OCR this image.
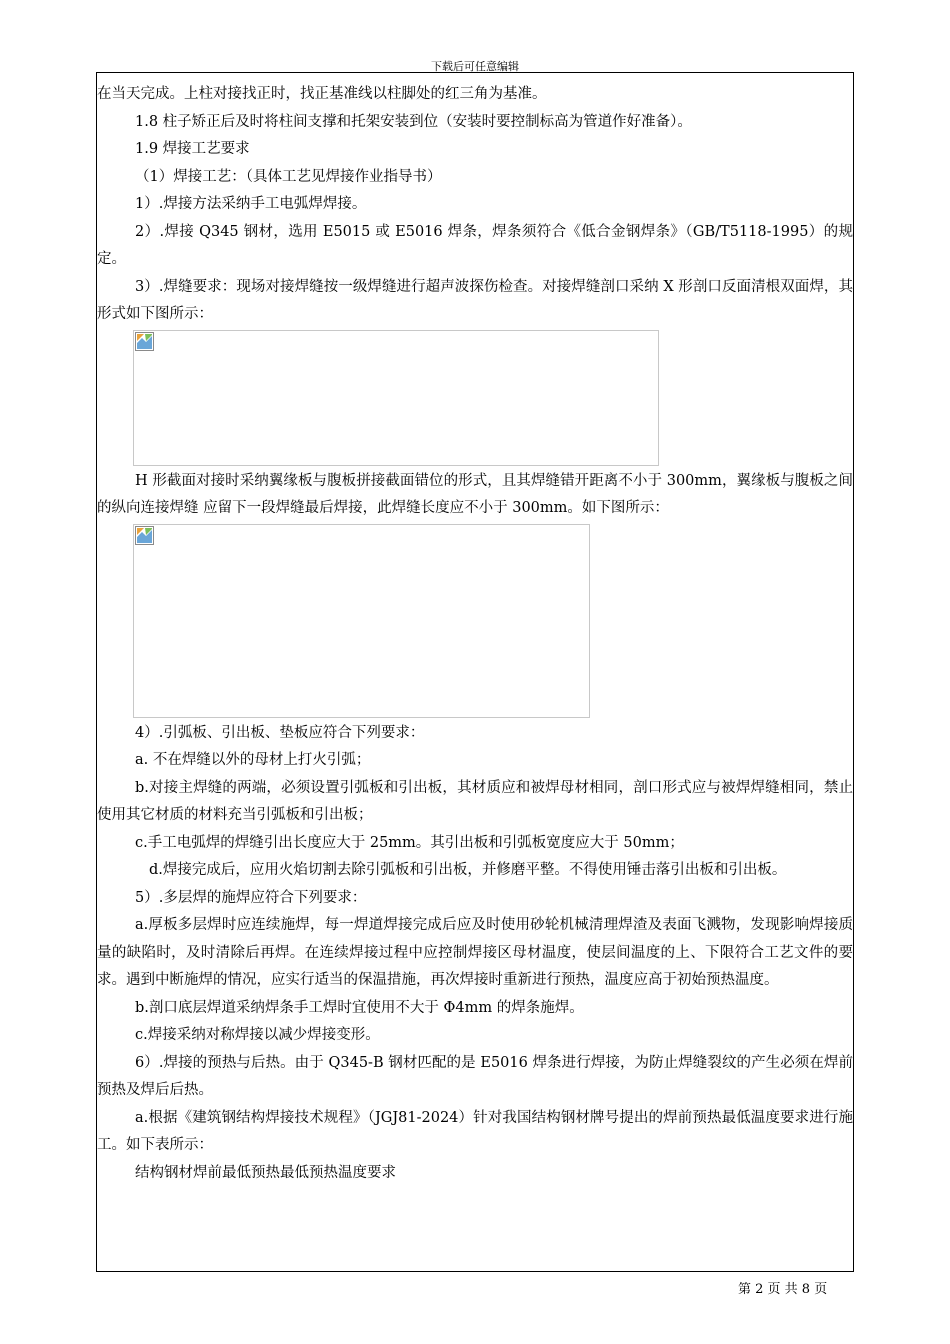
下载后可任意编辑

在当天完成。上柱对接找正时，找正基准线以柱脚处的红三角为基准。

1.8 柱子矫正后及时将柱间支撑和托架安装到位（安装时要控制标高为管道作好准备）。

1.9 焊接工艺要求

（1）焊接工艺：（具体工艺见焊接作业指导书）

1）.焊接方法采纳手工电弧焊焊接。

2）.焊接 Q345 钢材，选用 E5015 或 E5016 焊条，焊条须符合《低合金钢焊条》（GB/T5118-1995）的规定。

3）.焊缝要求：现场对接焊缝按一级焊缝进行超声波探伤检查。对接焊缝剖口采纳 X 形剖口反面清根双面焊，其形式如下图所示：

H 形截面对接时采纳翼缘板与腹板拼接截面错位的形式，且其焊缝错开距离不小于 300mm，翼缘板与腹板之间的纵向连接焊缝 应留下一段焊缝最后焊接，此焊缝长度应不小于 300mm。如下图所示：

4）.引弧板、引出板、垫板应符合下列要求：

a. 不在焊缝以外的母材上打火引弧；

b.对接主焊缝的两端，必须设置引弧板和引出板，其材质应和被焊母材相同，剖口形式应与被焊焊缝相同，禁止使用其它材质的材料充当引弧板和引出板；

c.手工电弧焊的焊缝引出长度应大于 25mm。其引出板和引弧板宽度应大于 50mm；

d.焊接完成后，应用火焰切割去除引弧板和引出板，并修磨平整。不得使用锤击落引出板和引出板。

5）.多层焊的施焊应符合下列要求：

a.厚板多层焊时应连续施焊，每一焊道焊接完成后应及时使用砂轮机械清理焊渣及表面飞溅物，发现影响焊接质量的缺陷时，及时清除后再焊。在连续焊接过程中应控制焊接区母材温度，使层间温度的上、下限符合工艺文件的要求。遇到中断施焊的情况，应实行适当的保温措施，再次焊接时重新进行预热，温度应高于初始预热温度。

b.剖口底层焊道采纳焊条手工焊时宜使用不大于 Φ4mm 的焊条施焊。

c.焊接采纳对称焊接以减少焊接变形。

6）.焊接的预热与后热。由于 Q345-B 钢材匹配的是 E5016 焊条进行焊接，为防止焊缝裂纹的产生必须在焊前预热及焊后后热。

a.根据《建筑钢结构焊接技术规程》（JGJ81-2024）针对我国结构钢材牌号提出的焊前预热最低温度要求进行施工。如下表所示：

结构钢材焊前最低预热最低预热温度要求

第 2 页 共 8 页
